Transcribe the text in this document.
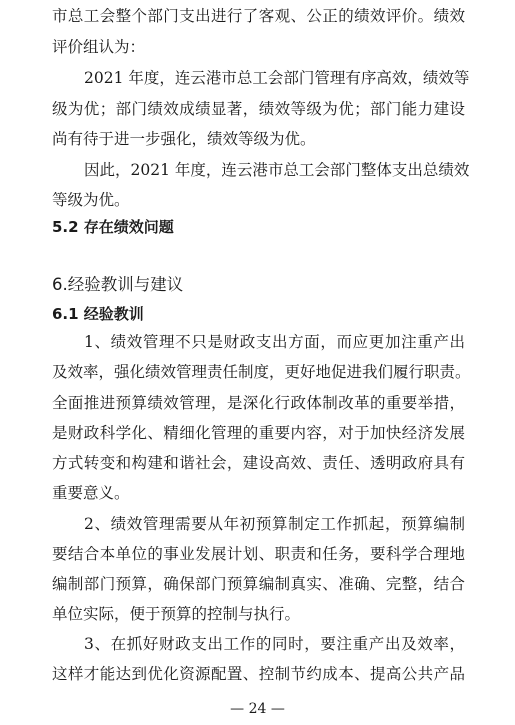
市总工会整个部门支出进行了客观、公正的绩效评价。绩效
评价组认为：
2021 年度，连云港市总工会部门管理有序高效，绩效等
级为优；部门绩效成绩显著，绩效等级为优；部门能力建设
尚有待于进一步强化，绩效等级为优。
因此，2021 年度，连云港市总工会部门整体支出总绩效
等级为优。
5.2 存在绩效问题
6.经验教训与建议
6.1 经验教训
1、绩效管理不只是财政支出方面，而应更加注重产出
及效率，强化绩效管理责任制度，更好地促进我们履行职责。
全面推进预算绩效管理，是深化行政体制改革的重要举措，
是财政科学化、精细化管理的重要内容，对于加快经济发展
方式转变和构建和谐社会，建设高效、责任、透明政府具有
重要意义。
2、绩效管理需要从年初预算制定工作抓起，预算编制
要结合本单位的事业发展计划、职责和任务，要科学合理地
编制部门预算，确保部门预算编制真实、准确、完整，结合
单位实际，便于预算的控制与执行。
3、在抓好财政支出工作的同时，要注重产出及效率，
这样才能达到优化资源配置、控制节约成本、提高公共产品
— 24 —
